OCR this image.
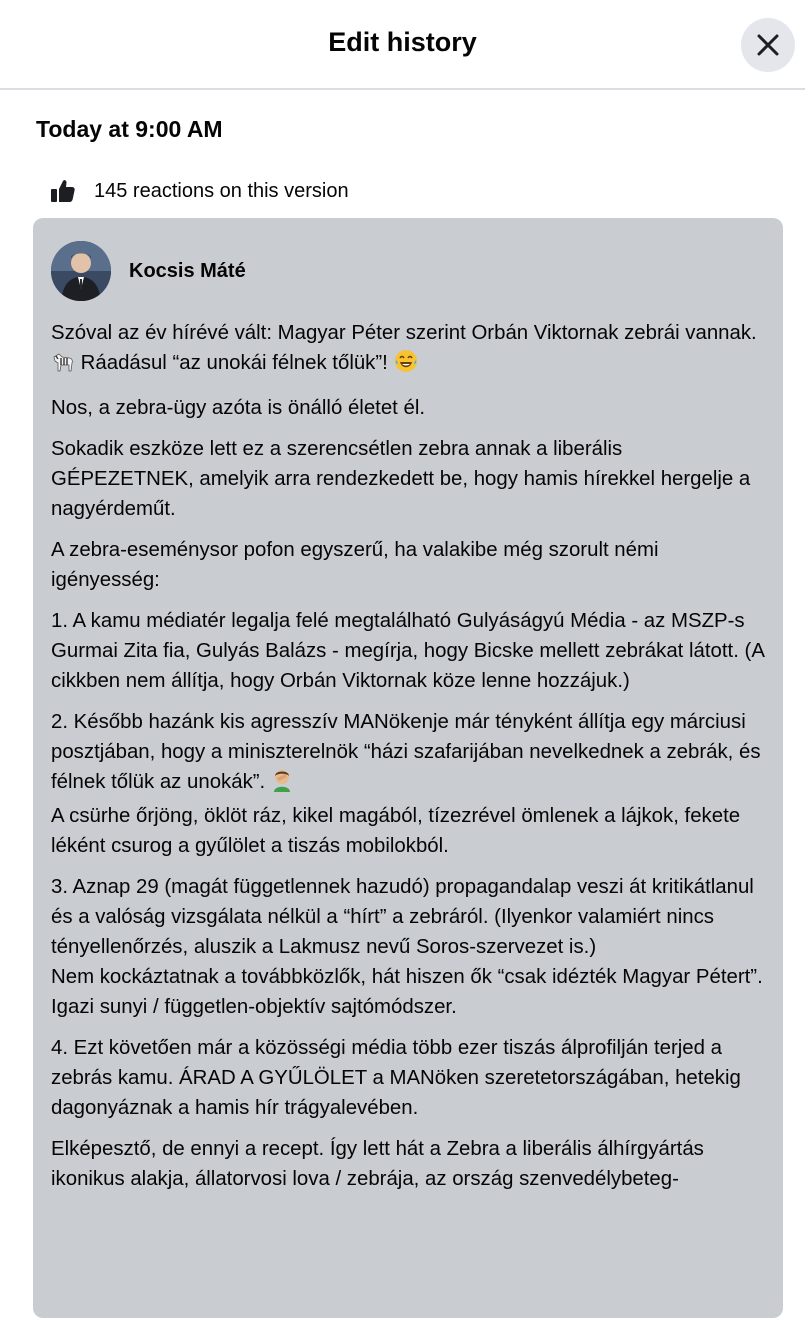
Edit history
Today at 9:00 AM
145 reactions on this version
Kocsis Máté

Szóval az év hírévé vált: Magyar Péter szerint Orbán Viktornak zebrái vannak.  Ráadásul “az unokái félnek tőlük”!

Nos, a zebra-ügy azóta is önálló életet él.

Sokadik eszköze lett ez a szerencsétlen zebra annak a liberális GÉPEZETNEK, amelyik arra rendezkedett be, hogy hamis hírekkel hergelje a nagyérdeműt.

A zebra-eseménysor pofon egyszerű, ha valakibe még szorult némi igényesség:

1. A kamu médiatér legalja felé megtalálható Gulyáságyú Média - az MSZP-s Gurmai Zita fia, Gulyás Balázs - megírja, hogy Bicske mellett zebrákat látott. (A cikkben nem állítja, hogy Orbán Viktornak köze lenne hozzájuk.)

2. Később hazánk kis agresszív MANökenje már tényként állítja egy márciusi posztjában, hogy a miniszterelnök “házi szafarijában nevelkednek a zebrák, és félnek tőlük az unokák”.
A csürhe őrjöng, öklöt ráz, kikel magából, tízezrével ömlenek a lájkok, fekete léként csurog a gyűlölet a tiszás mobilokból.

3. Aznap 29 (magát függetlennek hazudó) propagandalap veszi át kritikátlanul és a valóság vizsgálata nélkül a “hírt” a zebráról. (Ilyenkor valamiért nincs tényellenőrzés, aluszik a Lakmusz nevű Soros-szervezet is.)
Nem kockáztatnak a továbbközlők, hát hiszen ők “csak idézték Magyar Pétert”.
Igazi sunyi / független-objektív sajtómódszer.

4. Ezt követően már a közösségi média több ezer tiszás álprofilján terjed a zebrás kamu. ÁRAD A GYŰLÖLET a MANöken szeretetországában, hetekig dagonyáznak a hamis hír trágyalevében.

Elképesztő, de ennyi a recept. Így lett hát a Zebra a liberális álhírgyártás ikonikus alakja, állatorvosi lova / zebrája, az ország szenvedélybeteg-
